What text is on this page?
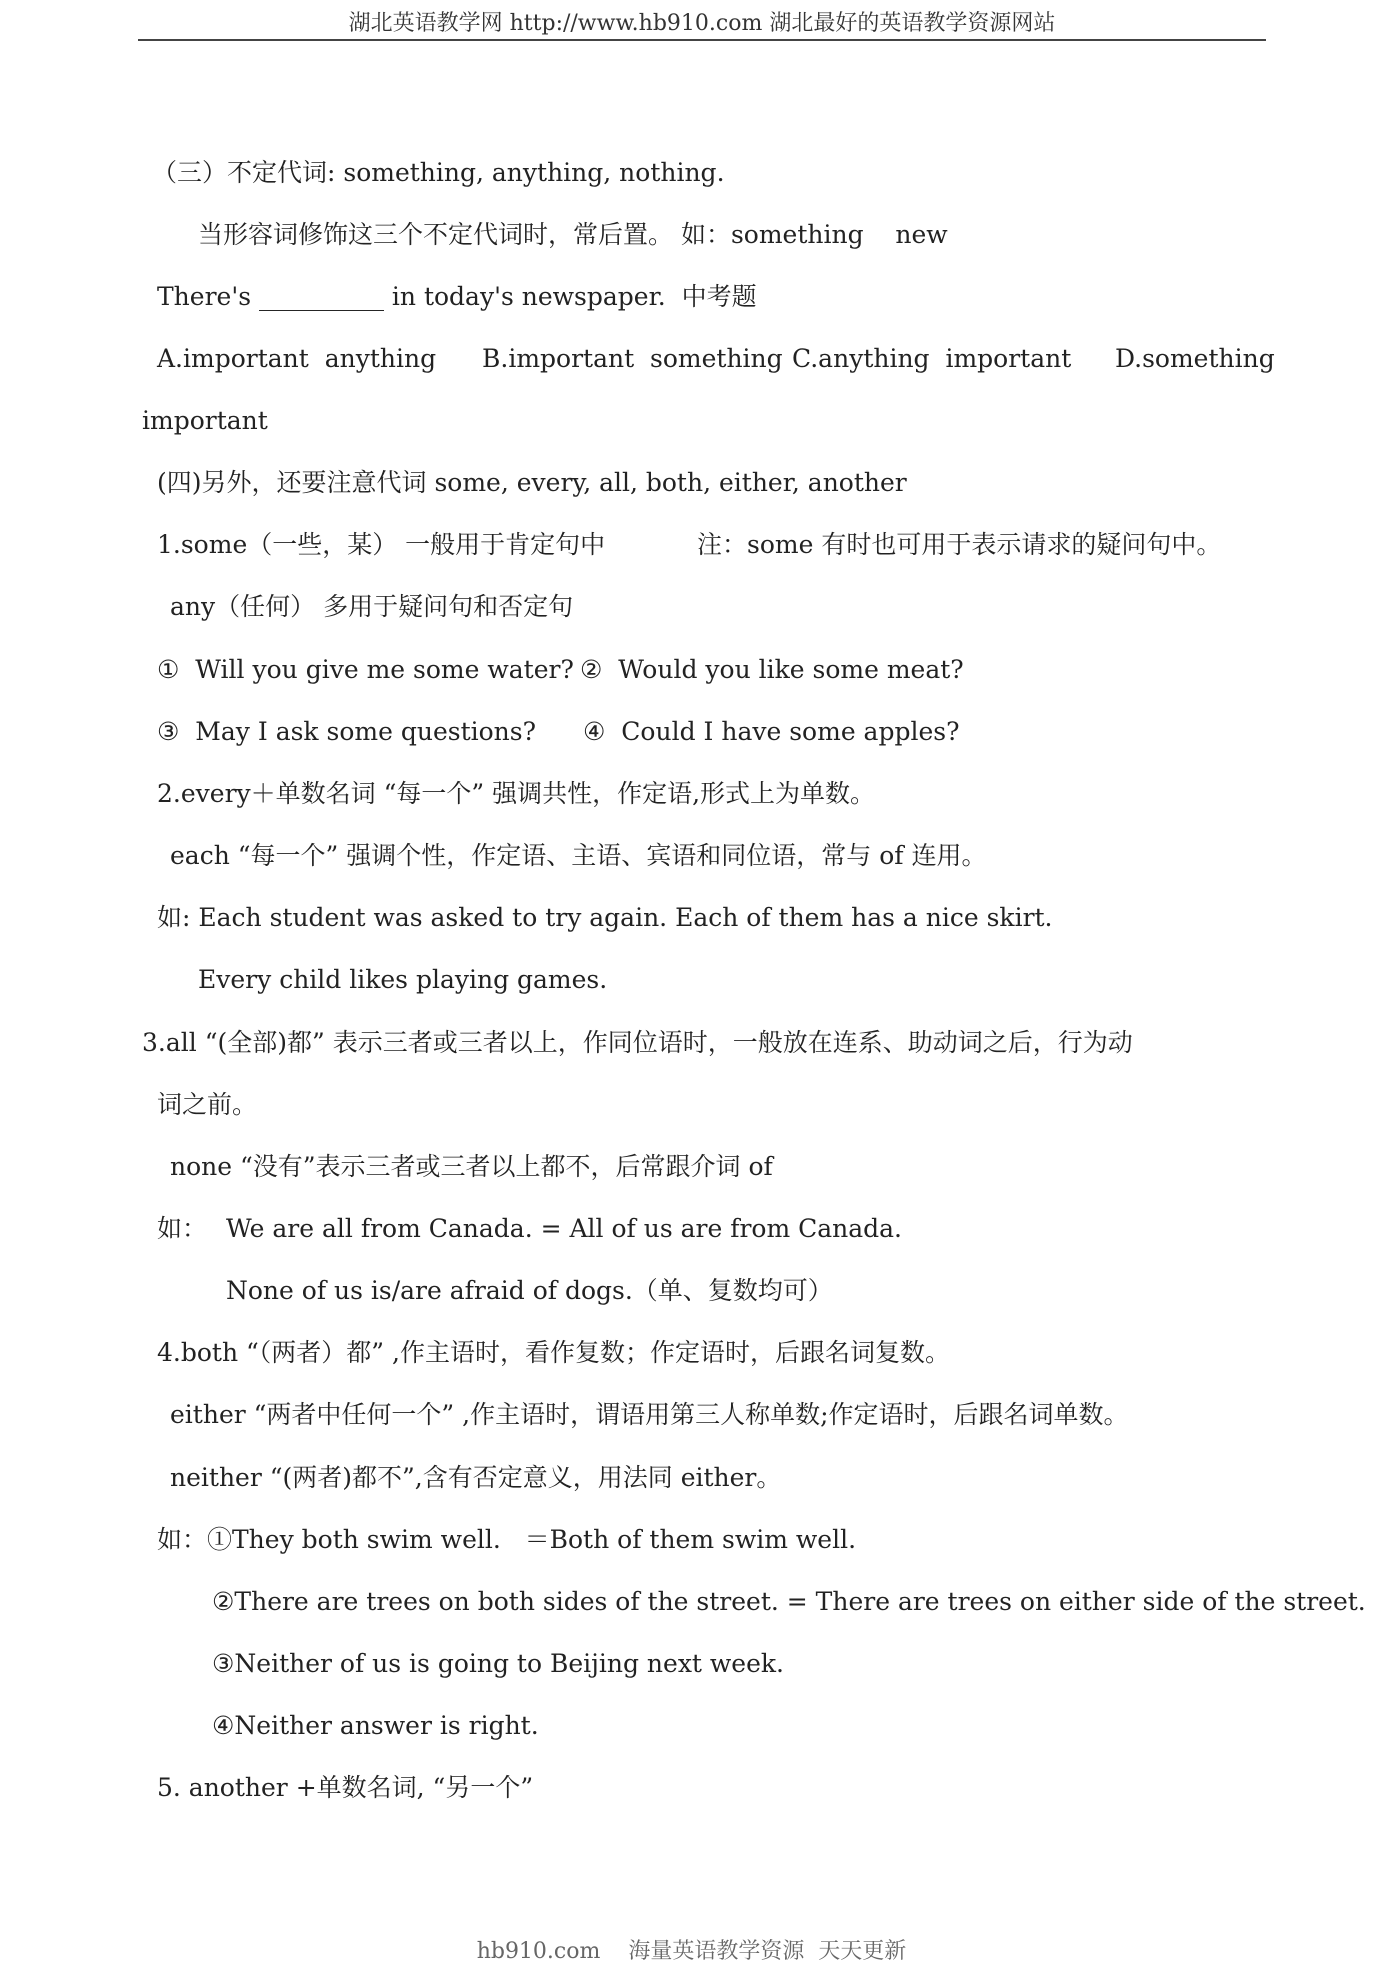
湖北英语教学网 http://www.hb910.com 湖北最好的英语教学资源网站
（三）不定代词: something, anything, nothing.
当形容词修饰这三个不定代词时，常后置。 如：something    new
There's __________ in today's newspaper.  中考题
A.important  anything B.important  something C.anything  important D.something
important
(四)另外，还要注意代词 some, every, all, both, either, another
1.some（一些，某） 一般用于肯定句中	注：some 有时也可用于表示请求的疑问句中。
any（任何） 多用于疑问句和否定句
①  Will you give me some water? ②  Would you like some meat?
③  May I ask some questions? ④  Could I have some apples?
2.every＋单数名词 “每一个” 强调共性，作定语,形式上为单数。
each “每一个” 强调个性，作定语、主语、宾语和同位语，常与 of 连用。
如: Each student was asked to try again. Each of them has a nice skirt.
Every child likes playing games.
3.all “(全部)都” 表示三者或三者以上，作同位语时，一般放在连系、助动词之后，行为动
词之前。
none “没有”表示三者或三者以上都不，后常跟介词 of
如： We are all from Canada. = All of us are from Canada.
None of us is/are afraid of dogs.（单、复数均可）
4.both “（两者）都” ,作主语时，看作复数；作定语时，后跟名词复数。
either “两者中任何一个” ,作主语时，谓语用第三人称单数;作定语时，后跟名词单数。
neither “(两者)都不”,含有否定意义，用法同 either。
如：①They both swim well.   ＝Both of them swim well.
②There are trees on both sides of the street. = There are trees on either side of the street.
③Neither of us is going to Beijing next week.
④Neither answer is right.
5. another +单数名词, “另一个”
hb910.com    海量英语教学资源  天天更新
